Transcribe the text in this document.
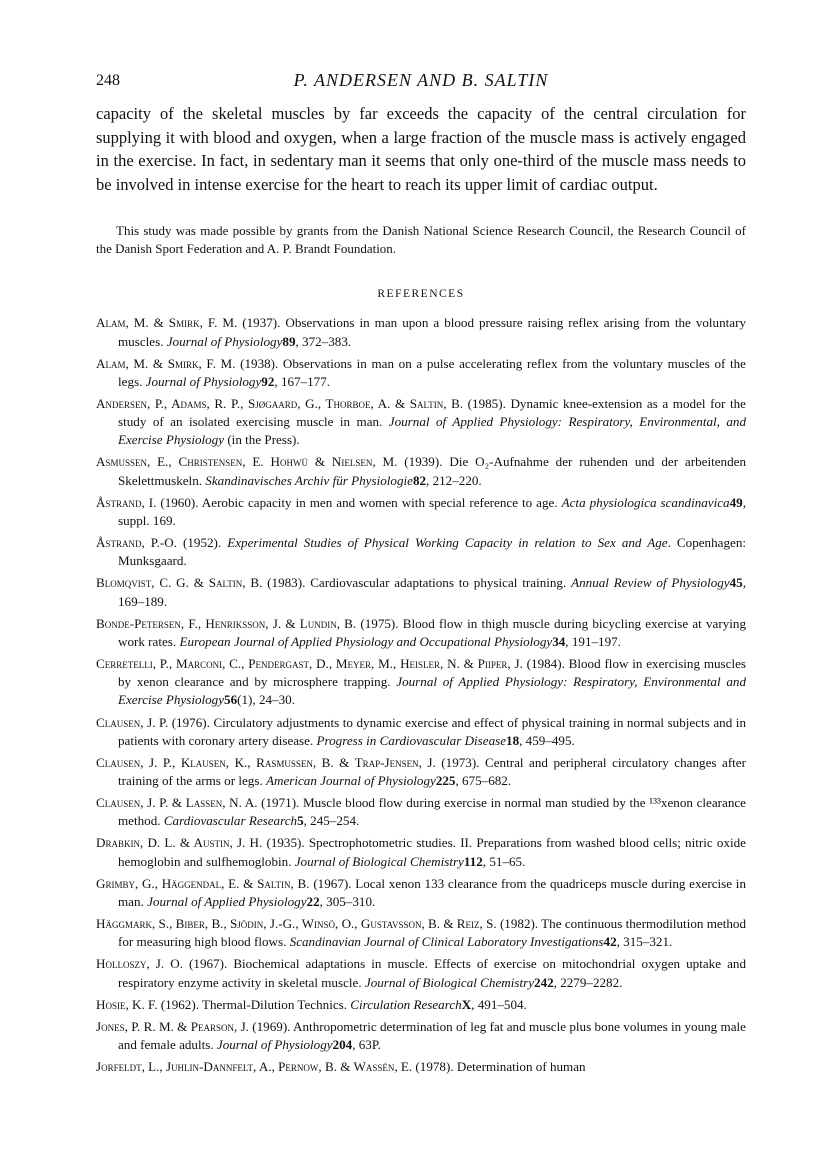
248	P. ANDERSEN AND B. SALTIN

capacity of the skeletal muscles by far exceeds the capacity of the central circulation for supplying it with blood and oxygen, when a large fraction of the muscle mass is actively engaged in the exercise. In fact, in sedentary man it seems that only one-third of the muscle mass needs to be involved in intense exercise for the heart to reach its upper limit of cardiac output.

This study was made possible by grants from the Danish National Science Research Council, the Research Council of the Danish Sport Federation and A. P. Brandt Foundation.

REFERENCES

Alam, M. & Smirk, F. M. (1937). Observations in man upon a blood pressure raising reflex arising from the voluntary muscles. Journal of Physiology89, 372–383.

Alam, M. & Smirk, F. M. (1938). Observations in man on a pulse accelerating reflex from the voluntary muscles of the legs. Journal of Physiology92, 167–177.

Andersen, P., Adams, R. P., Sjøgaard, G., Thorboe, A. & Saltin, B. (1985). Dynamic knee-extension as a model for the study of an isolated exercising muscle in man. Journal of Applied Physiology: Respiratory, Environmental, and Exercise Physiology (in the Press).

Asmussen, E., Christensen, E. Hohwü & Nielsen, M. (1939). Die O₂-Aufnahme der ruhenden und der arbeitenden Skelettmuskeln. Skandinavisches Archiv für Physiologie82, 212–220.

Åstrand, I. (1960). Aerobic capacity in men and women with special reference to age. Acta physiologica scandinavica49, suppl. 169.

Åstrand, P.-O. (1952). Experimental Studies of Physical Working Capacity in relation to Sex and Age. Copenhagen: Munksgaard.

Blomqvist, C. G. & Saltin, B. (1983). Cardiovascular adaptations to physical training. Annual Review of Physiology45, 169–189.

Bonde-Petersen, F., Henriksson, J. & Lundin, B. (1975). Blood flow in thigh muscle during bicycling exercise at varying work rates. European Journal of Applied Physiology and Occupational Physiology34, 191–197.

Cerretelli, P., Marconi, C., Pendergast, D., Meyer, M., Heisler, N. & Piiper, J. (1984). Blood flow in exercising muscles by xenon clearance and by microsphere trapping. Journal of Applied Physiology: Respiratory, Environmental and Exercise Physiology56(1), 24–30.

Clausen, J. P. (1976). Circulatory adjustments to dynamic exercise and effect of physical training in normal subjects and in patients with coronary artery disease. Progress in Cardiovascular Disease18, 459–495.

Clausen, J. P., Klausen, K., Rasmussen, B. & Trap-Jensen, J. (1973). Central and peripheral circulatory changes after training of the arms or legs. American Journal of Physiology225, 675–682.

Clausen, J. P. & Lassen, N. A. (1971). Muscle blood flow during exercise in normal man studied by the ¹³³xenon clearance method. Cardiovascular Research5, 245–254.

Drabkin, D. L. & Austin, J. H. (1935). Spectrophotometric studies. II. Preparations from washed blood cells; nitric oxide hemoglobin and sulfhemoglobin. Journal of Biological Chemistry112, 51–65.

Grimby, G., Häggendal, E. & Saltin, B. (1967). Local xenon 133 clearance from the quadriceps muscle during exercise in man. Journal of Applied Physiology22, 305–310.

Häggmark, S., Biber, B., Sjödin, J.-G., Winsö, O., Gustavsson, B. & Reiz, S. (1982). The continuous thermodilution method for measuring high blood flows. Scandinavian Journal of Clinical Laboratory Investigations42, 315–321.

Holloszy, J. O. (1967). Biochemical adaptations in muscle. Effects of exercise on mitochondrial oxygen uptake and respiratory enzyme activity in skeletal muscle. Journal of Biological Chemistry242, 2279–2282.

Hosie, K. F. (1962). Thermal-Dilution Technics. Circulation ResearchX, 491–504.

Jones, P. R. M. & Pearson, J. (1969). Anthropometric determination of leg fat and muscle plus bone volumes in young male and female adults. Journal of Physiology204, 63P.

Jorfeldt, L., Juhlin-Dannfelt, A., Pernow, B. & Wassén, E. (1978). Determination of human
